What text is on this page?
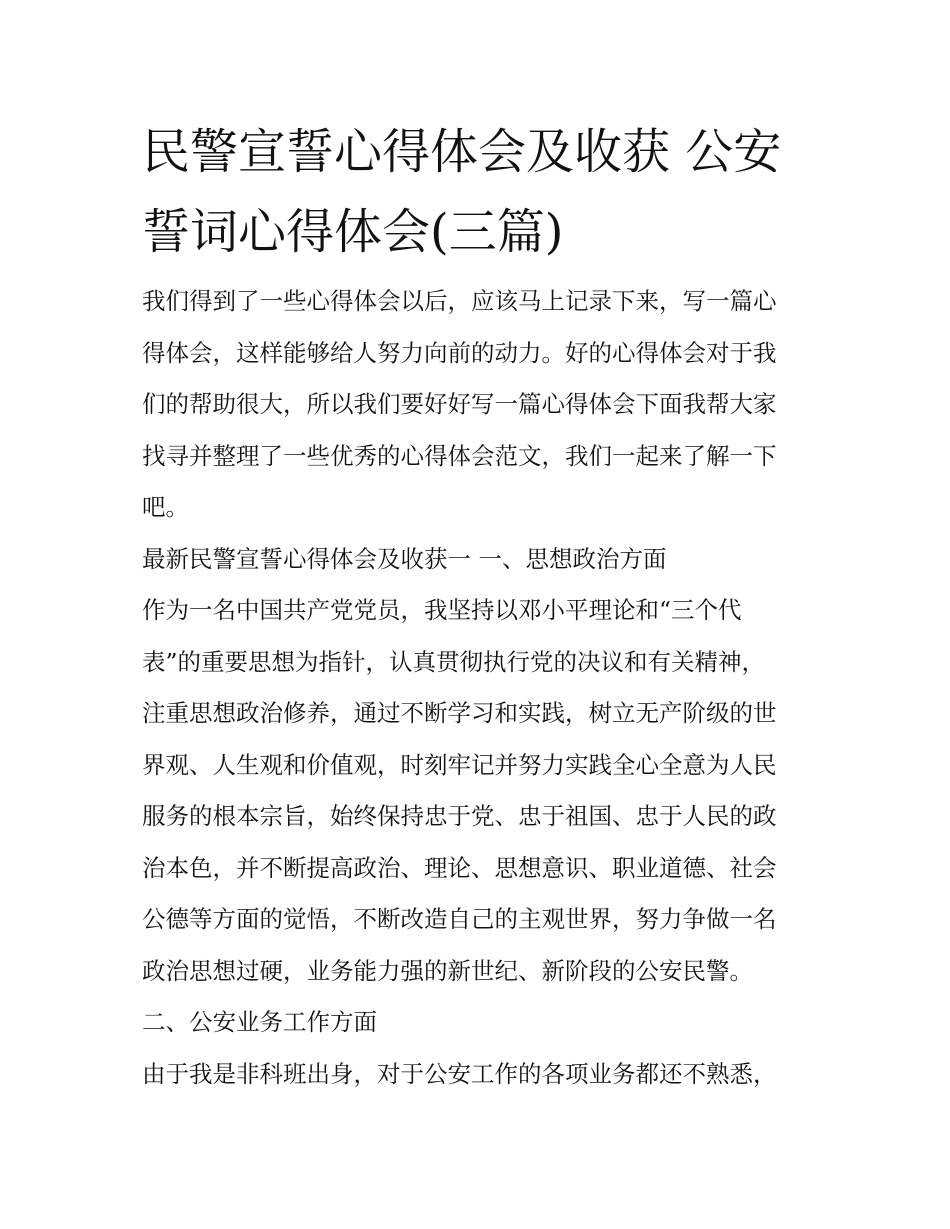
民警宣誓心得体会及收获 公安
誓词心得体会(三篇)
我们得到了一些心得体会以后，应该马上记录下来，写一篇心
得体会，这样能够给人努力向前的动力。好的心得体会对于我
们的帮助很大，所以我们要好好写一篇心得体会下面我帮大家
找寻并整理了一些优秀的心得体会范文，我们一起来了解一下
吧。
最新民警宣誓心得体会及收获一 一、思想政治方面
作为一名中国共产党党员，我坚持以邓小平理论和“三个代
表”的重要思想为指针，认真贯彻执行党的决议和有关精神，
注重思想政治修养，通过不断学习和实践，树立无产阶级的世
界观、人生观和价值观，时刻牢记并努力实践全心全意为人民
服务的根本宗旨，始终保持忠于党、忠于祖国、忠于人民的政
治本色，并不断提高政治、理论、思想意识、职业道德、社会
公德等方面的觉悟，不断改造自己的主观世界，努力争做一名
政治思想过硬，业务能力强的新世纪、新阶段的公安民警。
二、公安业务工作方面
由于我是非科班出身，对于公安工作的各项业务都还不熟悉，
